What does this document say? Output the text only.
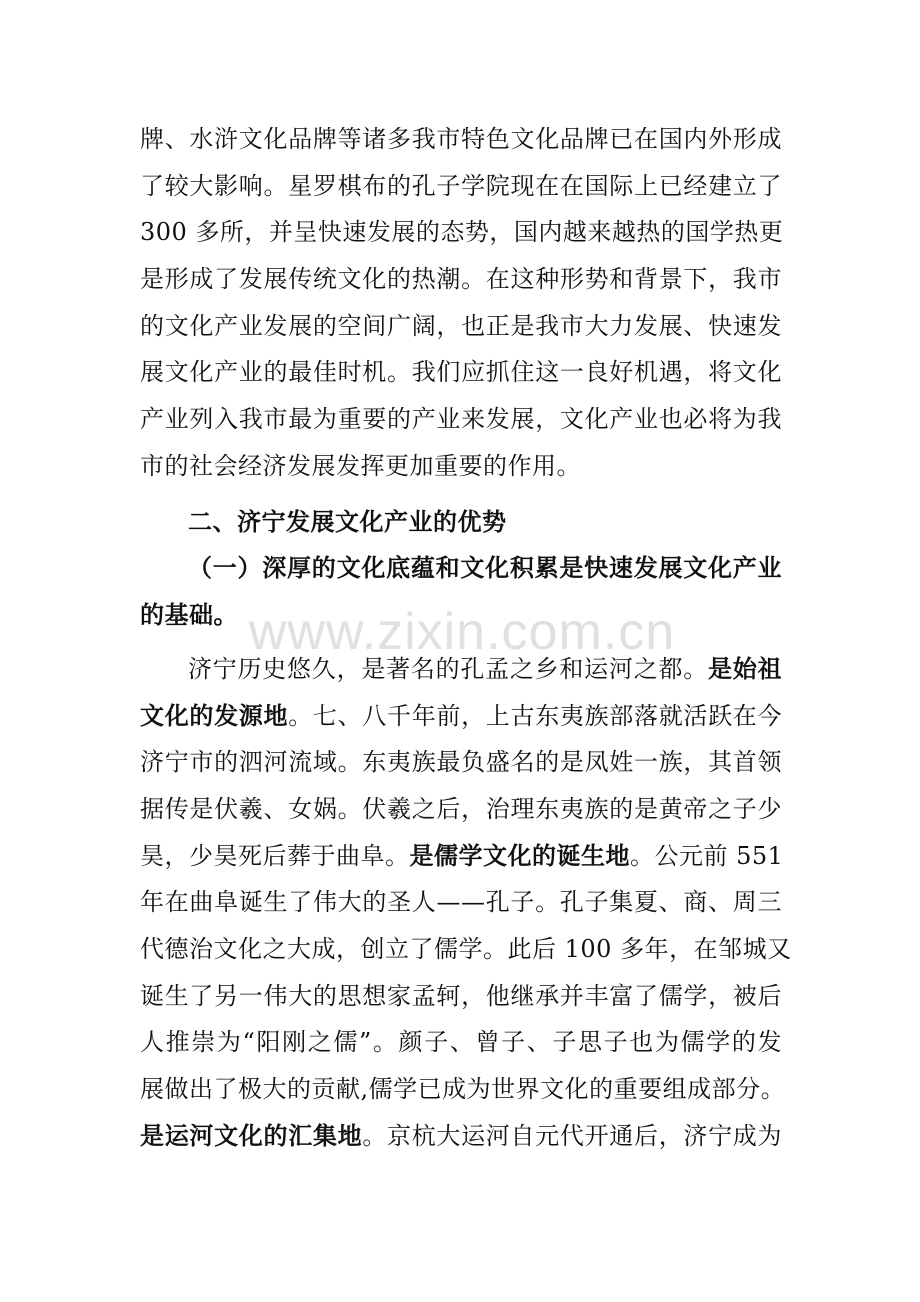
牌、水浒文化品牌等诸多我市特色文化品牌已在国内外形成
了较大影响。星罗棋布的孔子学院现在在国际上已经建立了
300 多所，并呈快速发展的态势，国内越来越热的国学热更
是形成了发展传统文化的热潮。在这种形势和背景下，我市
的文化产业发展的空间广阔，也正是我市大力发展、快速发
展文化产业的最佳时机。我们应抓住这一良好机遇，将文化
产业列入我市最为重要的产业来发展，文化产业也必将为我
市的社会经济发展发挥更加重要的作用。
二、济宁发展文化产业的优势
（一）深厚的文化底蕴和文化积累是快速发展文化产业
的基础。 www.zixin.com.cn
济宁历史悠久，是著名的孔孟之乡和运河之都。是始祖
文化的发源地。七、八千年前，上古东夷族部落就活跃在今
济宁市的泗河流域。东夷族最负盛名的是凤姓一族，其首领
据传是伏羲、女娲。伏羲之后，治理东夷族的是黄帝之子少
昊，少昊死后葬于曲阜。是儒学文化的诞生地。公元前 551
年在曲阜诞生了伟大的圣人——孔子。孔子集夏、商、周三
代德治文化之大成，创立了儒学。此后 100 多年，在邹城又
诞生了另一伟大的思想家孟轲，他继承并丰富了儒学，被后
人推崇为“阳刚之儒”。颜子、曾子、子思子也为儒学的发
展做出了极大的贡献,儒学已成为世界文化的重要组成部分。
是运河文化的汇集地。京杭大运河自元代开通后，济宁成为
